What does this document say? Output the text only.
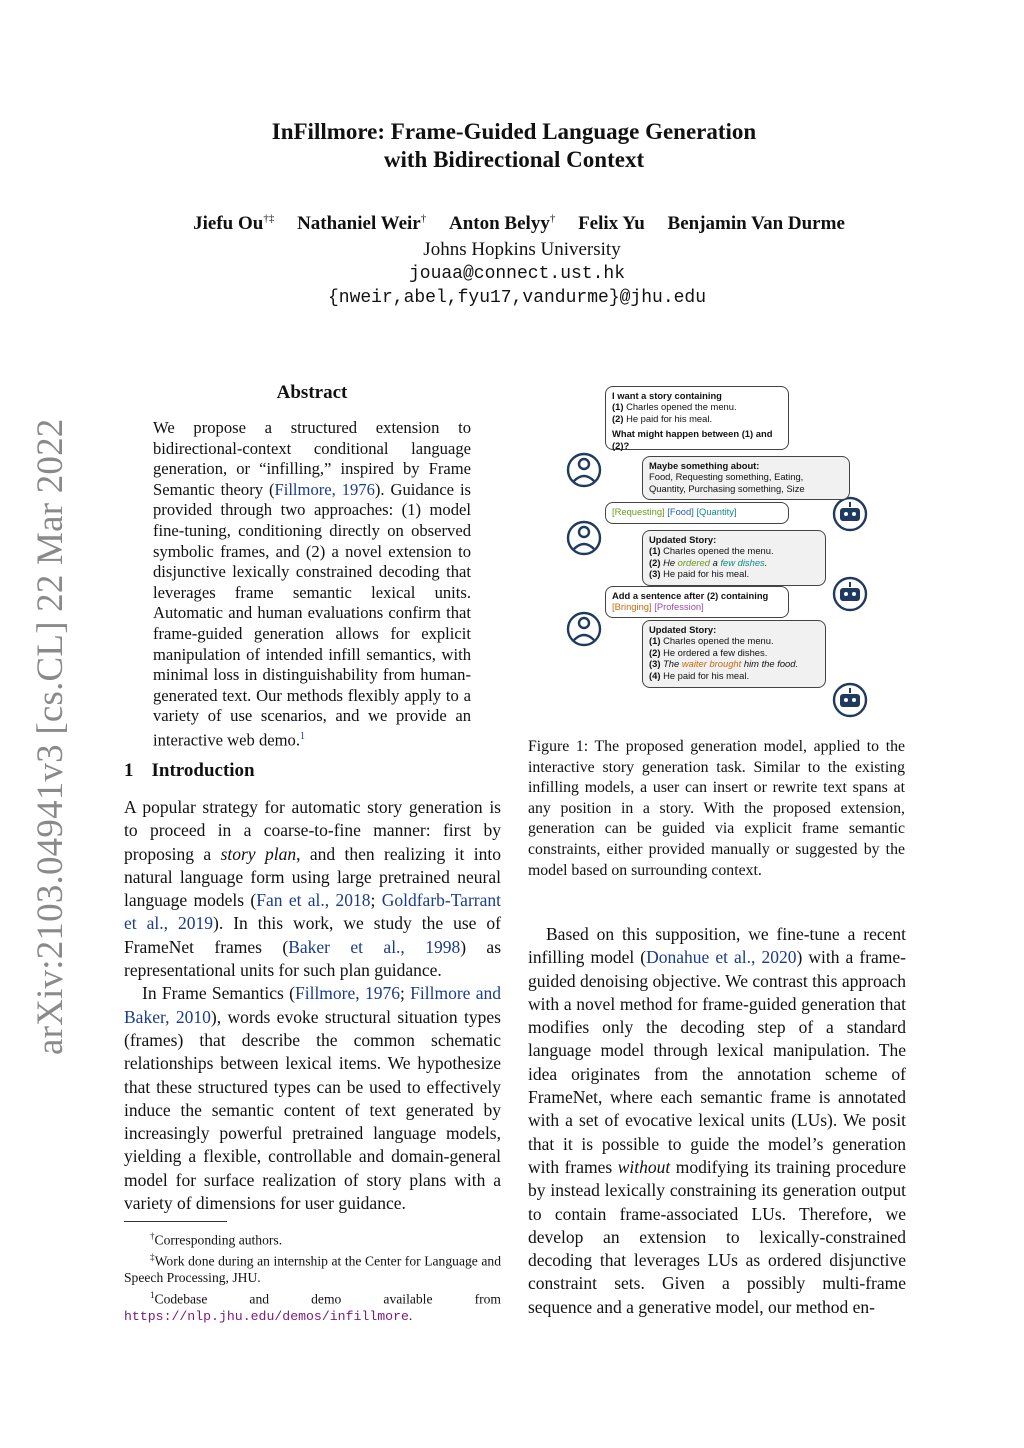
InFillmore: Frame-Guided Language Generation
with Bidirectional Context
Jiefu Ou†‡ Nathaniel Weir† Anton Belyy† Felix Yu Benjamin Van Durme
Johns Hopkins University
jouaa@connect.ust.hk
{nweir,abel,fyu17,vandurme}@jhu.edu
arXiv:2103.04941v3 [cs.CL] 22 Mar 2022
Abstract
We propose a structured extension to bidirectional-context conditional language generation, or “infilling,” inspired by Frame Semantic theory (Fillmore, 1976). Guidance is provided through two approaches: (1) model fine-tuning, conditioning directly on observed symbolic frames, and (2) a novel extension to disjunctive lexically constrained decoding that leverages frame semantic lexical units. Automatic and human evaluations confirm that frame-guided generation allows for explicit manipulation of intended infill semantics, with minimal loss in distinguishability from human-generated text. Our methods flexibly apply to a variety of use scenarios, and we provide an interactive web demo.$^1$
1 Introduction

A popular strategy for automatic story generation is to proceed in a coarse-to-fine manner: first by proposing a story plan, and then realizing it into natural language form using large pretrained neural language models (Fan et al., 2018; Goldfarb-Tarrant et al., 2019). In this work, we study the use of FrameNet frames (Baker et al., 1998) as representational units for such plan guidance.

In Frame Semantics (Fillmore, 1976; Fillmore and Baker, 2010), words evoke structural situation types (frames) that describe the common schematic relationships between lexical items. We hypothesize that these structured types can be used to effectively induce the semantic content of text generated by increasingly powerful pretrained language models, yielding a flexible, controllable and domain-general model for surface realization of story plans with a variety of dimensions for user guidance.

†Corresponding authors.

‡Work done during an internship at the Center for Language and Speech Processing, JHU.

$^1$Codebase and demo available from https://nlp.jhu.edu/demos/infillmore.

I want a story containing
(1) Charles opened the menu.
(2) He paid for his meal.
What might happen between (1) and (2)?
Maybe something about:
Food, Requesting something, Eating,
Quantity, Purchasing something, Size
[Requesting] [Food] [Quantity]
Updated Story:
(1) Charles opened the menu.
(2) He ordered a few dishes.
(3) He paid for his meal.
Add a sentence after (2) containing
[Bringing] [Profession]
Updated Story:
(1) Charles opened the menu.
(2) He ordered a few dishes.
(3) The waiter brought him the food.
(4) He paid for his meal.
Figure 1: The proposed generation model, applied to the interactive story generation task. Similar to the existing infilling models, a user can insert or rewrite text spans at any position in a story. With the proposed extension, generation can be guided via explicit frame semantic constraints, either provided manually or suggested by the model based on surrounding context.

Based on this supposition, we fine-tune a recent infilling model (Donahue et al., 2020) with a frame-guided denoising objective. We contrast this approach with a novel method for frame-guided generation that modifies only the decoding step of a standard language model through lexical manipulation. The idea originates from the annotation scheme of FrameNet, where each semantic frame is annotated with a set of evocative lexical units (LUs). We posit that it is possible to guide the model’s generation with frames without modifying its training procedure by instead lexically constraining its generation output to contain frame-associated LUs. Therefore, we develop an extension to lexically-constrained decoding that leverages LUs as ordered disjunctive constraint sets. Given a possibly multi-frame sequence and a generative model, our method en-
